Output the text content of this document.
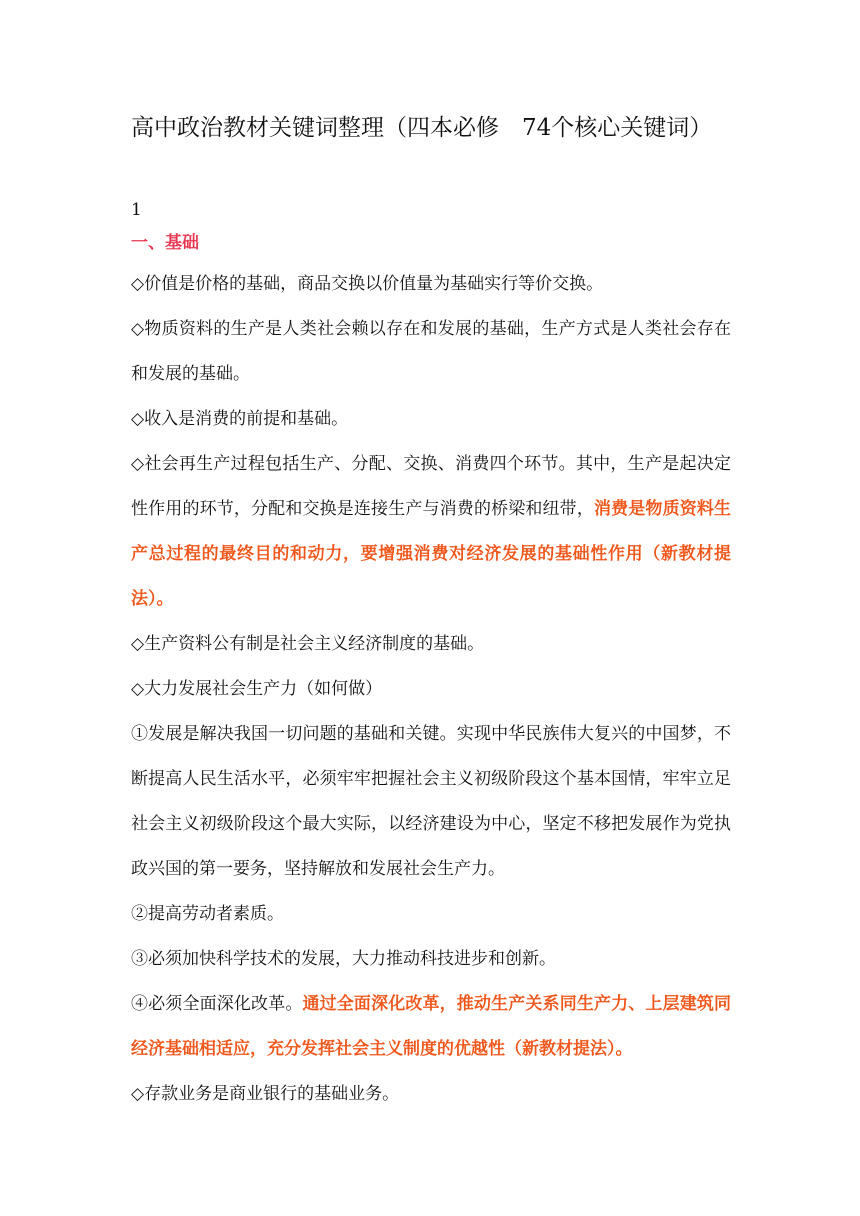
高中政治教材关键词整理（四本必修　74个核心关键词）
1
一、基础

◇价值是价格的基础，商品交换以价值量为基础实行等价交换。

◇物质资料的生产是人类社会赖以存在和发展的基础，生产方式是人类社会存在和发展的基础。

◇收入是消费的前提和基础。

◇社会再生产过程包括生产、分配、交换、消费四个环节。其中，生产是起决定性作用的环节，分配和交换是连接生产与消费的桥梁和纽带，消费是物质资料生产总过程的最终目的和动力，要增强消费对经济发展的基础性作用（新教材提法）。

◇生产资料公有制是社会主义经济制度的基础。

◇大力发展社会生产力（如何做）

①发展是解决我国一切问题的基础和关键。实现中华民族伟大复兴的中国梦，不断提高人民生活水平，必须牢牢把握社会主义初级阶段这个基本国情，牢牢立足社会主义初级阶段这个最大实际，以经济建设为中心，坚定不移把发展作为党执政兴国的第一要务，坚持解放和发展社会生产力。

②提高劳动者素质。

③必须加快科学技术的发展，大力推动科技进步和创新。

④必须全面深化改革。通过全面深化改革，推动生产关系同生产力、上层建筑同经济基础相适应，充分发挥社会主义制度的优越性（新教材提法）。

◇存款业务是商业银行的基础业务。
